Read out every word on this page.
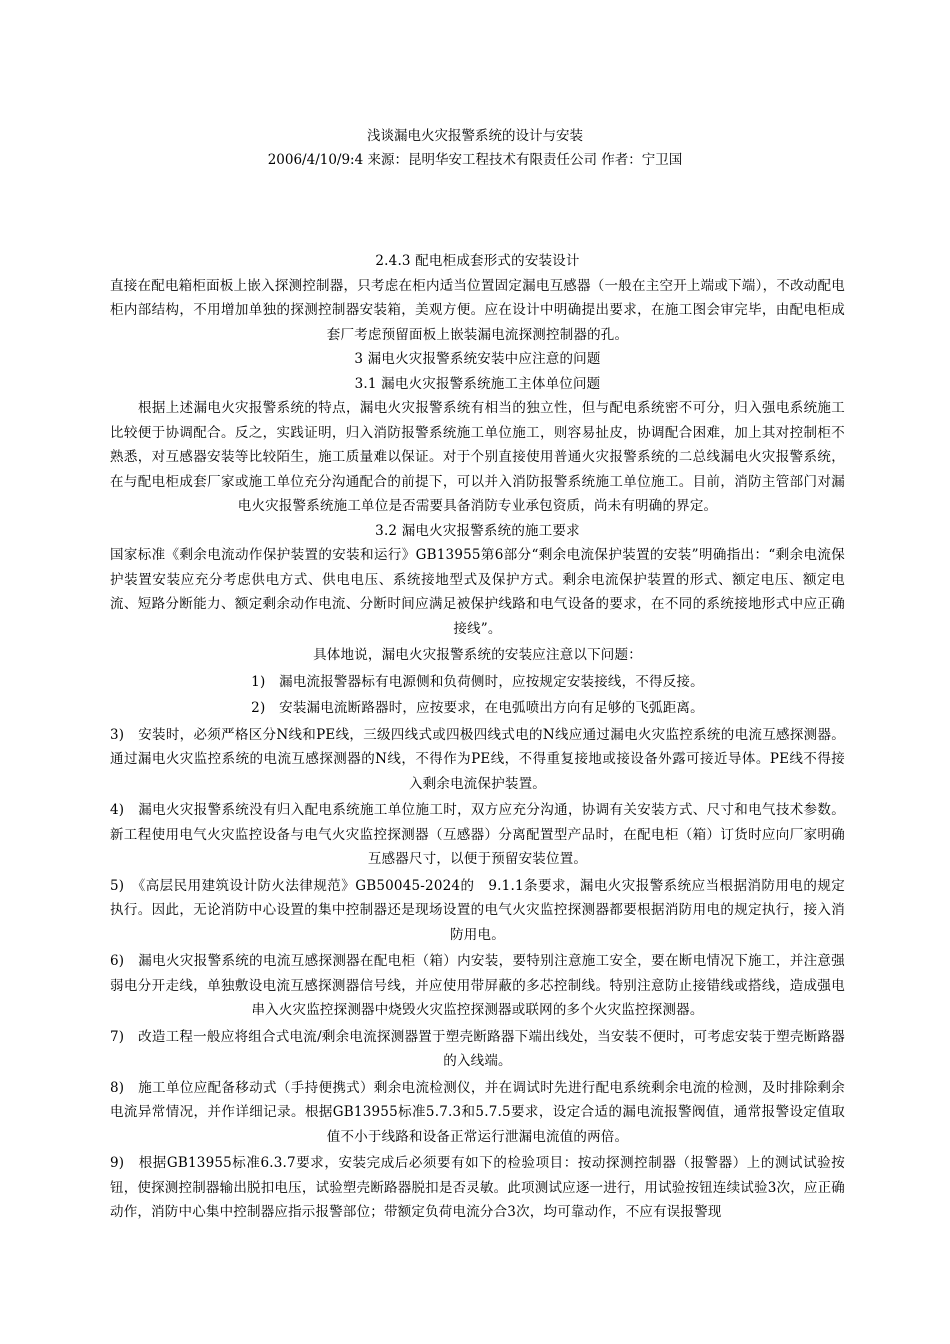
浅谈漏电火灾报警系统的设计与安装
2006/4/10/9:4 来源：昆明华安工程技术有限责任公司 作者：宁卫国

2.4.3 配电柜成套形式的安装设计

直接在配电箱柜面板上嵌入探测控制器，只考虑在柜内适当位置固定漏电互感器（一般在主空开上端或下端），不改动配电柜内部结构，不用增加单独的探测控制器安装箱，美观方便。应在设计中明确提出要求，在施工图会审完毕，由配电柜成套厂考虑预留面板上嵌装漏电流探测控制器的孔。

3 漏电火灾报警系统安装中应注意的问题

3.1 漏电火灾报警系统施工主体单位问题

根据上述漏电火灾报警系统的特点，漏电火灾报警系统有相当的独立性，但与配电系统密不可分，归入强电系统施工比较便于协调配合。反之，实践证明，归入消防报警系统施工单位施工，则容易扯皮，协调配合困难，加上其对控制柜不熟悉，对互感器安装等比较陌生，施工质量难以保证。对于个别直接使用普通火灾报警系统的二总线漏电火灾报警系统，在与配电柜成套厂家或施工单位充分沟通配合的前提下，可以并入消防报警系统施工单位施工。目前，消防主管部门对漏电火灾报警系统施工单位是否需要具备消防专业承包资质，尚未有明确的界定。

3.2 漏电火灾报警系统的施工要求

国家标准《剩余电流动作保护装置的安装和运行》GB13955第6部分“剩余电流保护装置的安装”明确指出：“剩余电流保护装置安装应充分考虑供电方式、供电电压、系统接地型式及保护方式。剩余电流保护装置的形式、额定电压、额定电流、短路分断能力、额定剩余动作电流、分断时间应满足被保护线路和电气设备的要求，在不同的系统接地形式中应正确接线”。

具体地说，漏电火灾报警系统的安装应注意以下问题：

1)　漏电流报警器标有电源侧和负荷侧时，应按规定安装接线，不得反接。

2)　安装漏电流断路器时，应按要求，在电弧喷出方向有足够的飞弧距离。

3)　安装时，必须严格区分N线和PE线，三级四线式或四极四线式电的N线应通过漏电火灾监控系统的电流互感探测器。通过漏电火灾监控系统的电流互感探测器的N线，不得作为PE线，不得重复接地或接设备外露可接近导体。PE线不得接入剩余电流保护装置。

4)　漏电火灾报警系统没有归入配电系统施工单位施工时，双方应充分沟通，协调有关安装方式、尺寸和电气技术参数。新工程使用电气火灾监控设备与电气火灾监控探测器（互感器）分离配置型产品时，在配电柜（箱）订货时应向厂家明确互感器尺寸，以便于预留安装位置。

5)　《高层民用建筑设计防火法律规范》GB50045-2024的　9.1.1条要求，漏电火灾报警系统应当根据消防用电的规定执行。因此，无论消防中心设置的集中控制器还是现场设置的电气火灾监控探测器都要根据消防用电的规定执行，接入消防用电。

6)　漏电火灾报警系统的电流互感探测器在配电柜（箱）内安装，要特别注意施工安全，要在断电情况下施工，并注意强弱电分开走线，单独敷设电流互感探测器信号线，并应使用带屏蔽的多芯控制线。特别注意防止接错线或搭线，造成强电串入火灾监控探测器中烧毁火灾监控探测器或联网的多个火灾监控探测器。

7)　改造工程一般应将组合式电流/剩余电流探测器置于塑壳断路器下端出线处，当安装不便时，可考虑安装于塑壳断路器的入线端。

8)　施工单位应配备移动式（手持便携式）剩余电流检测仪，并在调试时先进行配电系统剩余电流的检测，及时排除剩余电流异常情况，并作详细记录。根据GB13955标准5.7.3和5.7.5要求，设定合适的漏电流报警阀值，通常报警设定值取值不小于线路和设备正常运行泄漏电流值的两倍。

9)　根据GB13955标准6.3.7要求，安装完成后必须要有如下的检验项目：按动探测控制器（报警器）上的测试试验按钮，使探测控制器输出脱扣电压，试验塑壳断路器脱扣是否灵敏。此项测试应逐一进行，用试验按钮连续试验3次，应正确动作，消防中心集中控制器应指示报警部位；带额定负荷电流分合3次，均可靠动作，不应有误报警现
